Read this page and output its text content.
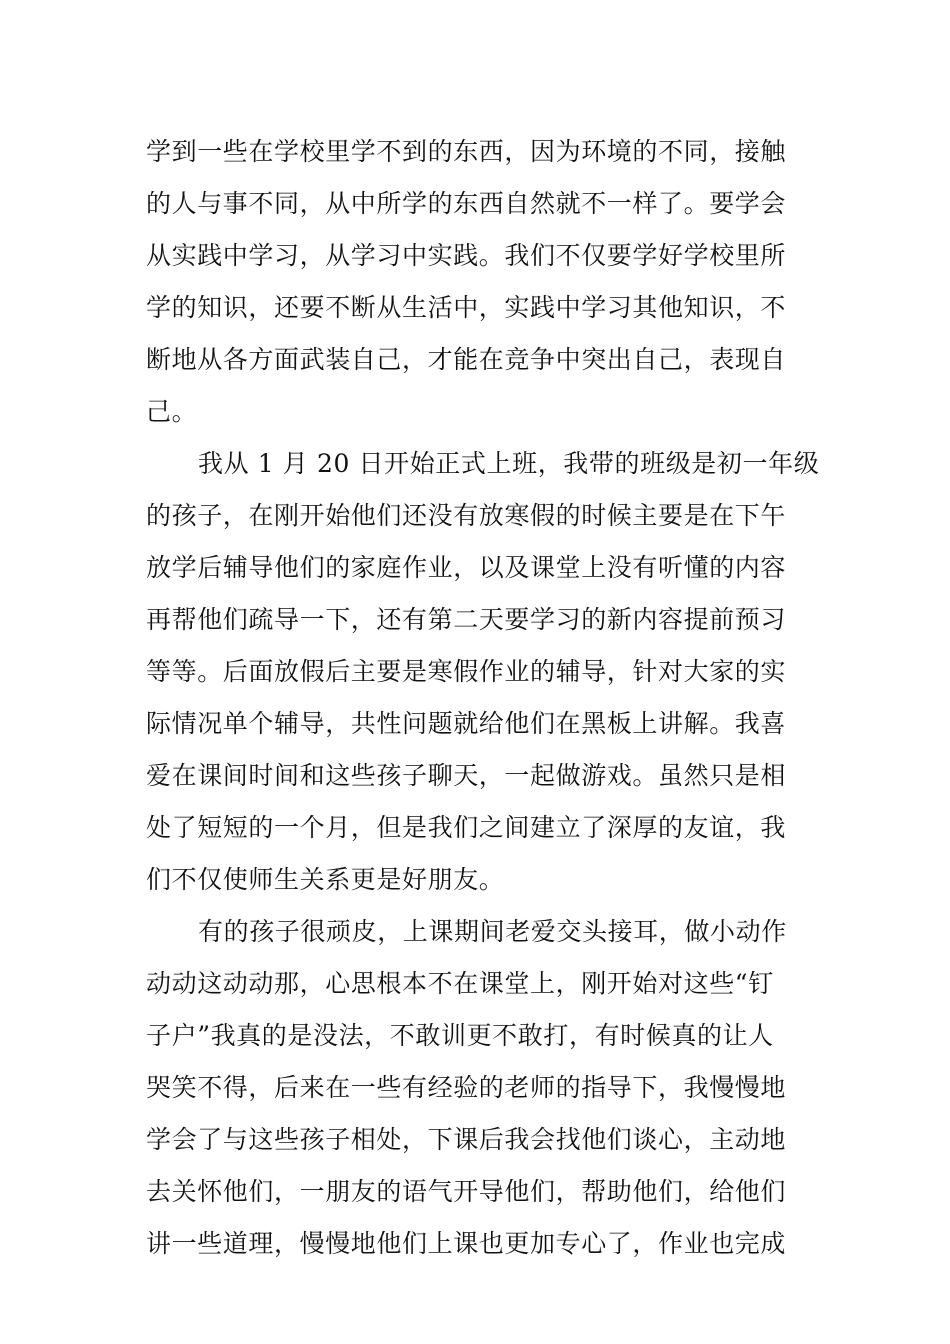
学到一些在学校里学不到的东西，因为环境的不同，接触
的人与事不同，从中所学的东西自然就不一样了。要学会
从实践中学习，从学习中实践。我们不仅要学好学校里所
学的知识，还要不断从生活中，实践中学习其他知识，不
断地从各方面武装自己，才能在竞争中突出自己，表现自
己。

我从 1 月 20 日开始正式上班，我带的班级是初一年级
的孩子，在刚开始他们还没有放寒假的时候主要是在下午
放学后辅导他们的家庭作业，以及课堂上没有听懂的内容
再帮他们疏导一下，还有第二天要学习的新内容提前预习
等等。后面放假后主要是寒假作业的辅导，针对大家的实
际情况单个辅导，共性问题就给他们在黑板上讲解。我喜
爱在课间时间和这些孩子聊天，一起做游戏。虽然只是相
处了短短的一个月，但是我们之间建立了深厚的友谊，我
们不仅使师生关系更是好朋友。

有的孩子很顽皮，上课期间老爱交头接耳，做小动作
动动这动动那，心思根本不在课堂上，刚开始对这些“钉
子户”我真的是没法，不敢训更不敢打，有时候真的让人
哭笑不得，后来在一些有经验的老师的指导下，我慢慢地
学会了与这些孩子相处，下课后我会找他们谈心，主动地
去关怀他们，一朋友的语气开导他们，帮助他们，给他们
讲一些道理，慢慢地他们上课也更加专心了，作业也完成
